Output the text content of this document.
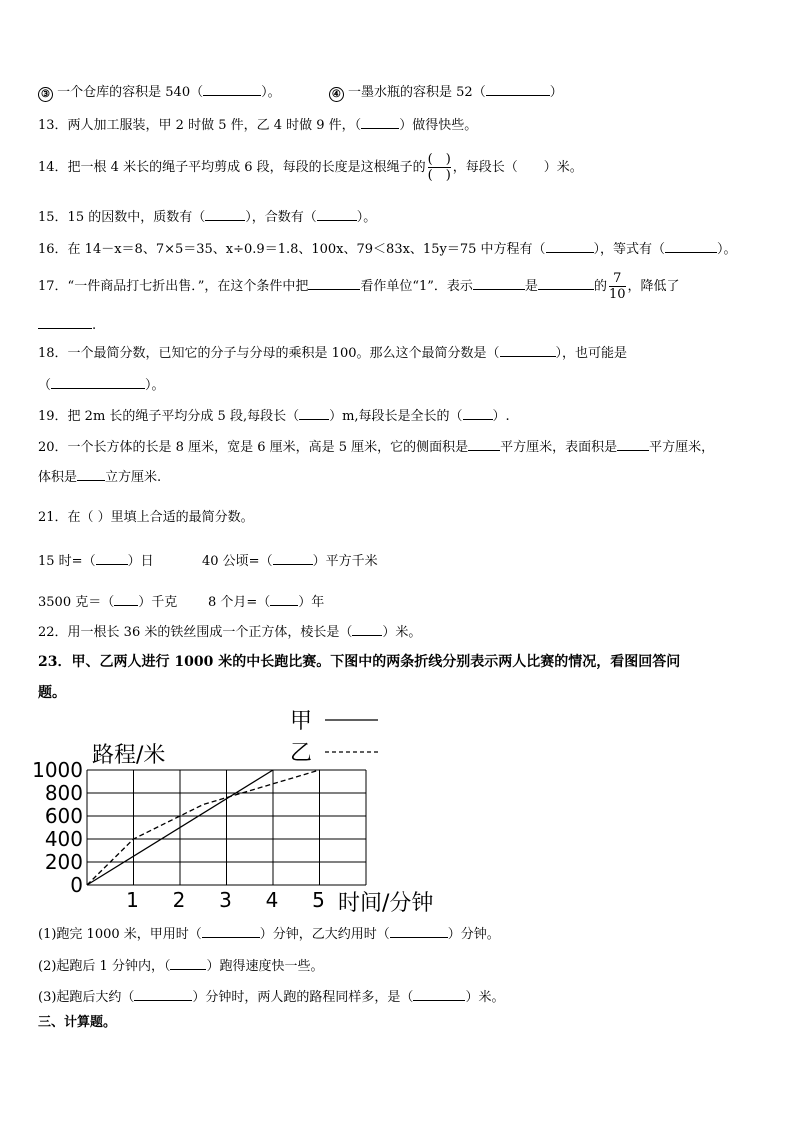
③ 一个仓库的容积是 540（	）。	④ 一墨水瓶的容积是 52（	）
13．两人加工服装，甲 2 时做 5 件，乙 4 时做 9 件，（	）做得快些。
14．把一根 4 米长的绳子平均剪成 6 段，每段的长度是这根绳子的 $\frac{( )}{( )}$ ，每段长（　　）米。
15．15 的因数中，质数有（	），合数有（	）。
16．在 14－x＝8、7×5＝35、x÷0.9＝1.8、100x、79＜83x、15y＝75 中方程有（	），等式有（	）。
17．“一件商品打七折出售．”，在这个条件中把	看作单位“1”．表示	是	的 $\frac{7}{10}$ ，降低了
.
18．一个最简分数，已知它的分子与分母的乘积是 100。那么这个最简分数是（	），也可能是
（	）。
19．把 2m 长的绳子平均分成 5 段,每段长（ ）m,每段长是全长的（ ）.
20．一个长方体的长是 8 厘米，宽是 6 厘米，高是 5 厘米，它的侧面积是 平方厘米，表面积是 平方厘米，
体积是 立方厘米.
21．在（ ）里填上合适的最简分数。
15 时=（ ）日	40 公顷=（	）平方千米
3500 克＝（ ）千克 8 个月=（ ）年
22．用一根长 36 米的铁丝围成一个正方体，棱长是（ ）米。
23．甲、乙两人进行 1000 米的中长跑比赛。下图中的两条折线分别表示两人比赛的情况，看图回答问
题。
0
200
400
600
800
1000
1 2 3 4 5
路程/米
时间/分钟
甲
乙
(1)跑完 1000 米，甲用时（	）分钟，乙大约用时（	）分钟。
(2)起跑后 1 分钟内，（	）跑得速度快一些。
(3)起跑后大约（	）分钟时，两人跑的路程同样多，是（	）米。
三、计算题。
